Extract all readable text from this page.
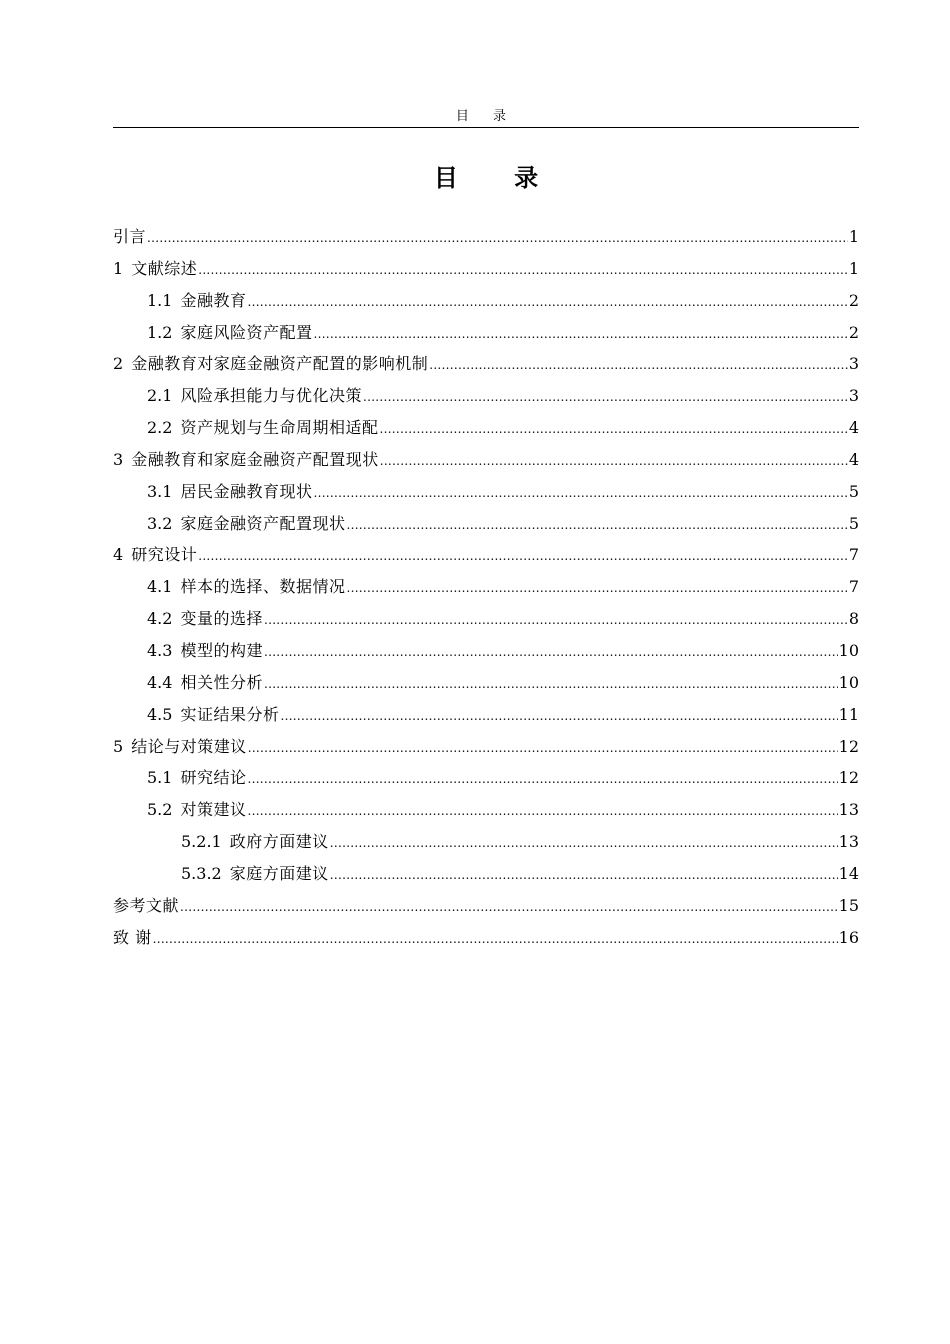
目 录
目 录
引言 .....	1
1 文献综述 .....	1
1.1 金融教育 .....	2
1.2 家庭风险资产配置 .....	2
2 金融教育对家庭金融资产配置的影响机制 .....	3
2.1 风险承担能力与优化决策 .....	3
2.2 资产规划与生命周期相适配 .....	4
3 金融教育和家庭金融资产配置现状 .....	4
3.1 居民金融教育现状 .....	5
3.2 家庭金融资产配置现状 .....	5
4 研究设计 .....	7
4.1 样本的选择、数据情况 .....	7
4.2 变量的选择 .....	8
4.3 模型的构建 .....	10
4.4 相关性分析 .....	10
4.5 实证结果分析 .....	11
5 结论与对策建议 .....	12
5.1 研究结论 .....	12
5.2 对策建议 .....	13
5.2.1 政府方面建议 .....	13
5.3.2 家庭方面建议 .....	14
参考文献 .....	15
致 谢 .....	16
